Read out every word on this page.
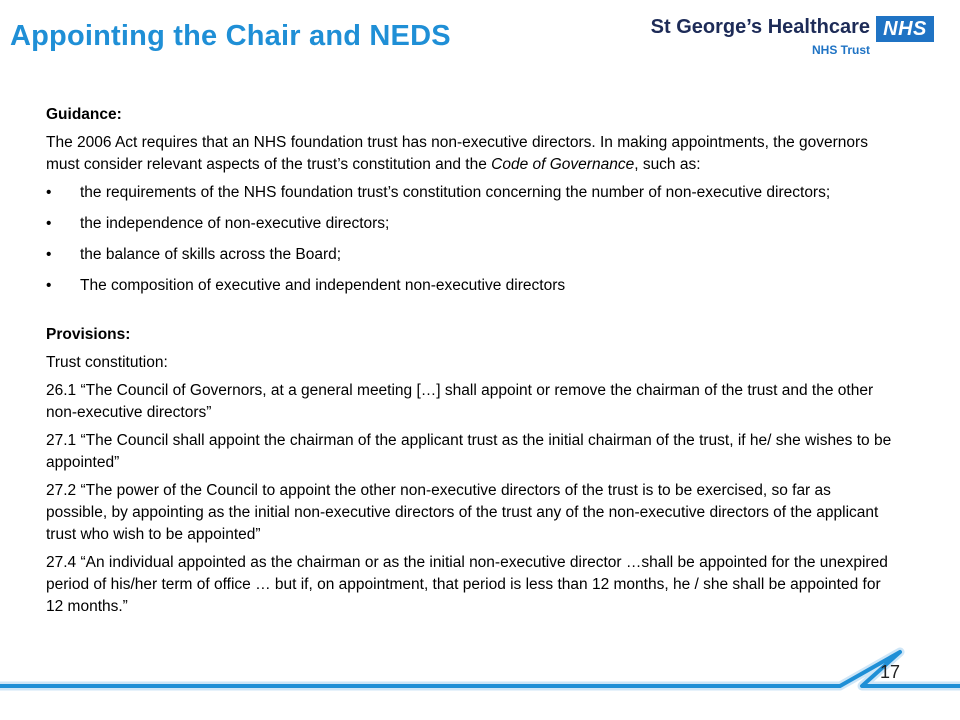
Appointing the Chair and NEDS	St George’s Healthcare NHS
NHS Trust

Guidance:

The 2006 Act requires that an NHS foundation trust has non-executive directors. In making appointments, the governors must consider relevant aspects of the trust’s constitution and the Code of Governance, such as:

• the requirements of the NHS foundation trust’s constitution concerning the number of non-executive directors;
• the independence of non-executive directors;
• the balance of skills across the Board;
• The composition of executive and independent non-executive directors

Provisions:

Trust constitution:

26.1 “The Council of Governors, at a general meeting […] shall appoint or remove the chairman of the trust and the other non-executive directors”

27.1 “The Council shall appoint the chairman of the applicant trust as the initial chairman of the trust, if he/ she wishes to be appointed”

27.2 “The power of the Council to appoint the other non-executive directors of the trust is to be exercised, so far as possible, by appointing as the initial non-executive directors of the trust any of the non-executive directors of the applicant trust who wish to be appointed”

27.4 “An individual appointed as the chairman or as the initial non-executive director …shall be appointed for the unexpired period of his/her term of office … but if, on appointment, that period is less than 12 months, he / she shall be appointed for 12 months.”

17
